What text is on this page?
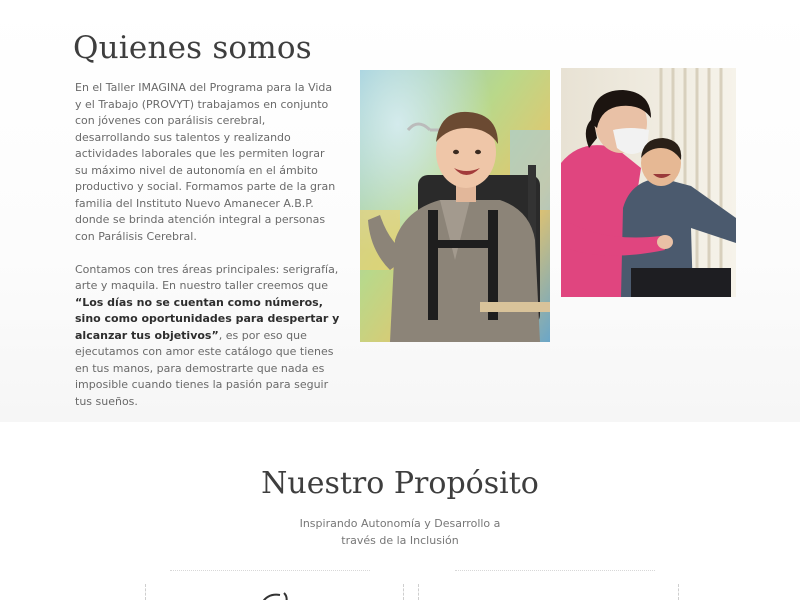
Quienes somos

En el Taller IMAGINA del Programa para la Vida y el Trabajo (PROVYT) trabajamos en conjunto con jóvenes con parálisis cerebral, desarrollando sus talentos y realizando actividades laborales que les permiten lograr su máximo nivel de autonomía en el ámbito productivo y social. Formamos parte de la gran familia del Instituto Nuevo Amanecer A.B.P. donde se brinda atención integral a personas con Parálisis Cerebral.

Contamos con tres áreas principales: serigrafía, arte y maquila. En nuestro taller creemos que “Los días no se cuentan como números, sino como oportunidades para despertar y alcanzar tus objetivos”, es por eso que ejecutamos con amor este catálogo que tienes en tus manos, para demostrarte que nada es imposible cuando tienes la pasión para seguir tus sueños.

Nuestro Propósito
Inspirando Autonomía y Desarrollo a través de la Inclusión
